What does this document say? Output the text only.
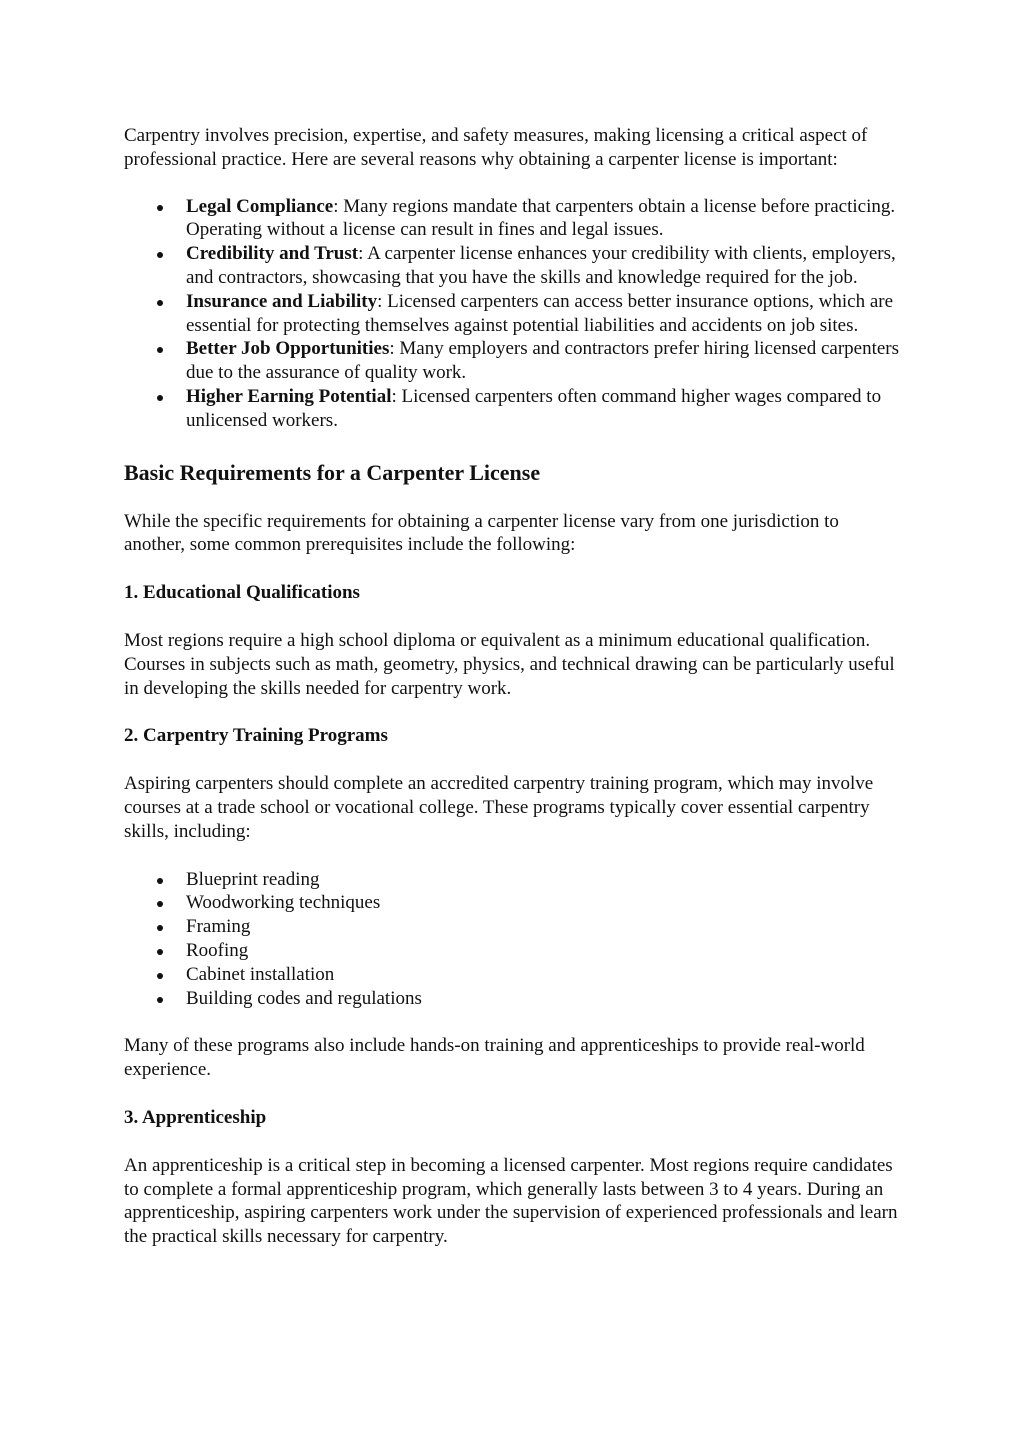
Carpentry involves precision, expertise, and safety measures, making licensing a critical aspect of professional practice. Here are several reasons why obtaining a carpenter license is important:

Legal Compliance: Many regions mandate that carpenters obtain a license before practicing. Operating without a license can result in fines and legal issues.
Credibility and Trust: A carpenter license enhances your credibility with clients, employers, and contractors, showcasing that you have the skills and knowledge required for the job.
Insurance and Liability: Licensed carpenters can access better insurance options, which are essential for protecting themselves against potential liabilities and accidents on job sites.
Better Job Opportunities: Many employers and contractors prefer hiring licensed carpenters due to the assurance of quality work.
Higher Earning Potential: Licensed carpenters often command higher wages compared to unlicensed workers.
Basic Requirements for a Carpenter License

While the specific requirements for obtaining a carpenter license vary from one jurisdiction to another, some common prerequisites include the following:

1. Educational Qualifications

Most regions require a high school diploma or equivalent as a minimum educational qualification. Courses in subjects such as math, geometry, physics, and technical drawing can be particularly useful in developing the skills needed for carpentry work.

2. Carpentry Training Programs

Aspiring carpenters should complete an accredited carpentry training program, which may involve courses at a trade school or vocational college. These programs typically cover essential carpentry skills, including:

Blueprint reading
Woodworking techniques
Framing
Roofing
Cabinet installation
Building codes and regulations

Many of these programs also include hands-on training and apprenticeships to provide real-world experience.

3. Apprenticeship

An apprenticeship is a critical step in becoming a licensed carpenter. Most regions require candidates to complete a formal apprenticeship program, which generally lasts between 3 to 4 years. During an apprenticeship, aspiring carpenters work under the supervision of experienced professionals and learn the practical skills necessary for carpentry.
